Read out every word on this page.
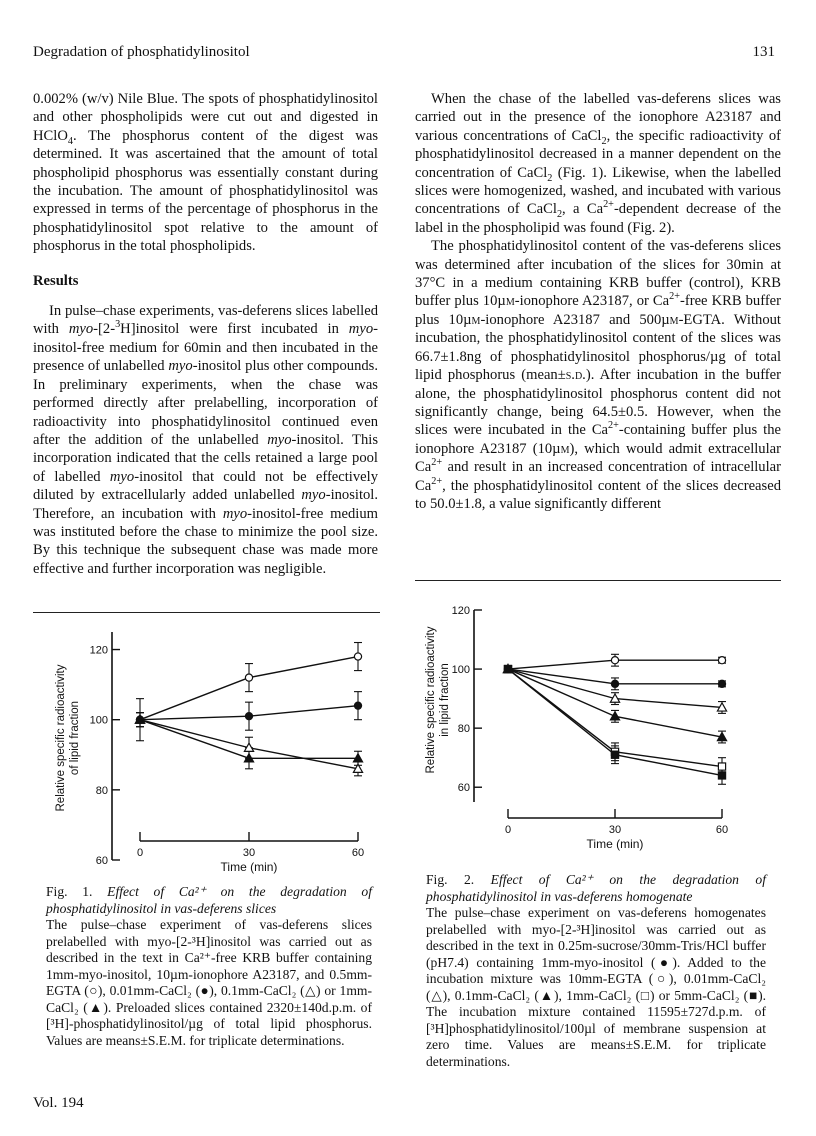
Degradation of phosphatidylinositol	131

0.002% (w/v) Nile Blue. The spots of phosphatidylinositol and other phospholipids were cut out and digested in HClO$_4$. The phosphorus content of the digest was determined. It was ascertained that the amount of total phospholipid phosphorus was essentially constant during the incubation. The amount of phosphatidylinositol was expressed in terms of the percentage of phosphorus in the phosphatidylinositol spot relative to the amount of phosphorus in the total phospholipids.

Results

In pulse–chase experiments, vas-deferens slices labelled with myo-[2-$^3$H]inositol were first incubated in myo-inositol-free medium for 60min and then incubated in the presence of unlabelled myo-inositol plus other compounds. In preliminary experiments, when the chase was performed directly after prelabelling, incorporation of radioactivity into phosphatidylinositol continued even after the addition of the unlabelled myo-inositol. This incorporation indicated that the cells retained a large pool of labelled myo-inositol that could not be effectively diluted by extracellularly added unlabelled myo-inositol. Therefore, an incubation with myo-inositol-free medium was instituted before the chase to minimize the pool size. By this technique the subsequent chase was made more effective and further incorporation was negligible.

When the chase of the labelled vas-deferens slices was carried out in the presence of the ionophore A23187 and various concentrations of CaCl$_2$, the specific radioactivity of phosphatidylinositol decreased in a manner dependent on the concentration of CaCl$_2$ (Fig. 1). Likewise, when the labelled slices were homogenized, washed, and incubated with various concentrations of CaCl$_2$, a $Ca^{2+}$-dependent decrease of the label in the phospholipid was found (Fig. 2).

The phosphatidylinositol content of the vas-deferens slices was determined after incubation of the slices for 30min at 37°C in a medium containing KRB buffer (control), KRB buffer plus 10µm-ionophore A23187, or $Ca^{2+}$-free KRB buffer plus 10µm-ionophore A23187 and 500µm-EGTA. Without incubation, the phosphatidylinositol content of the slices was 66.7±1.8ng of phosphatidylinositol phosphorus/µg of total lipid phosphorus (mean±s.d.). After incubation in the buffer alone, the phosphatidylinositol phosphorus content did not significantly change, being 64.5±0.5. However, when the slices were incubated in the $Ca^{2+}$-containing buffer plus the ionophore A23187 (10µm), which would admit extracellular $Ca^{2+}$ and result in an increased concentration of intracellular $Ca^{2+}$, the phosphatidylinositol content of the slices decreased to 50.0±1.8, a value significantly different

60
80
100
120
0	30	60
Time (min)
Relative specific radioactivity of lipid fraction
60
80
100
120
0	30	60
Time (min)
Relative specific radioactivity in lipid fraction

Fig. 1. Effect of Ca²⁺ on the degradation of phosphatidylinositol in vas-deferens slices

The pulse–chase experiment of vas-deferens slices prelabelled with myo-[2-³H]inositol was carried out as described in the text in Ca²⁺-free KRB buffer containing 1mm-myo-inositol, 10µm-ionophore A23187, and 0.5mm-EGTA (○), 0.01mm-CaCl₂ (●), 0.1mm-CaCl₂ (△) or 1mm-CaCl₂ (▲). Preloaded slices contained 2320±140d.p.m. of [³H]-phosphatidylinositol/µg of total lipid phosphorus. Values are means±S.E.M. for triplicate determinations.

Fig. 2. Effect of Ca²⁺ on the degradation of phosphatidylinositol in vas-deferens homogenate

The pulse–chase experiment on vas-deferens homogenates prelabelled with myo-[2-³H]inositol was carried out as described in the text in 0.25m-sucrose/30mm-Tris/HCl buffer (pH7.4) containing 1mm-myo-inositol (●). Added to the incubation mixture was 10mm-EGTA (○), 0.01mm-CaCl₂ (△), 0.1mm-CaCl₂ (▲), 1mm-CaCl₂ (□) or 5mm-CaCl₂ (■). The incubation mixture contained 11595±727d.p.m. of [³H]phosphatidylinositol/100µl of membrane suspension at zero time. Values are means±S.E.M. for triplicate determinations.

Vol. 194
